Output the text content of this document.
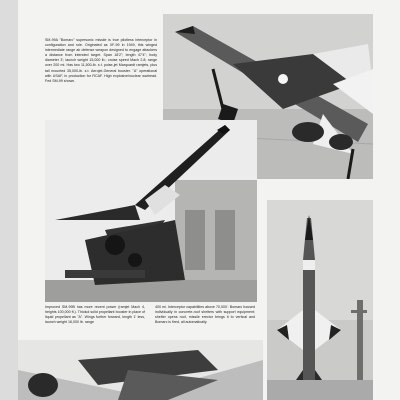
SM-99A "Bomarc" supersonic missile is true pilotless interceptor in configuration and role. Originated as XF-99 in 1949, this winged intermediate range air defense weapon designed to engage attackers a distance from intended target. Span 18'2"; length 47'4"; body diameter 3'; launch weight 15,000 lb.; cruise speed Mach 2.8; range over 200 mi. Has two 11,500-lb. s.t. pulse-jet Marquardt ramjets, plus tail mounted 35,000-lb. s.t. Aerojet-General booster. "A" operational with USAF, in production for RCAF. High explosive/nuclear warhead. Fed SM-99 shown.
Improved SM-99B has more recent power (ramjet Mach 4, heights 100,000 ft.). Thiokol solid propellant booster in place of liquid propellant as "A". Wings further forward, length 1' less, launch weight 16,000 lb. range
400 mi. Interceptor capabilities above 70,000'. Bomarc housed individually in concrete-roof shelters with support equipment; shelter opens roof, missile erector brings it to vertical and Bomarc is fired, all automatically.
